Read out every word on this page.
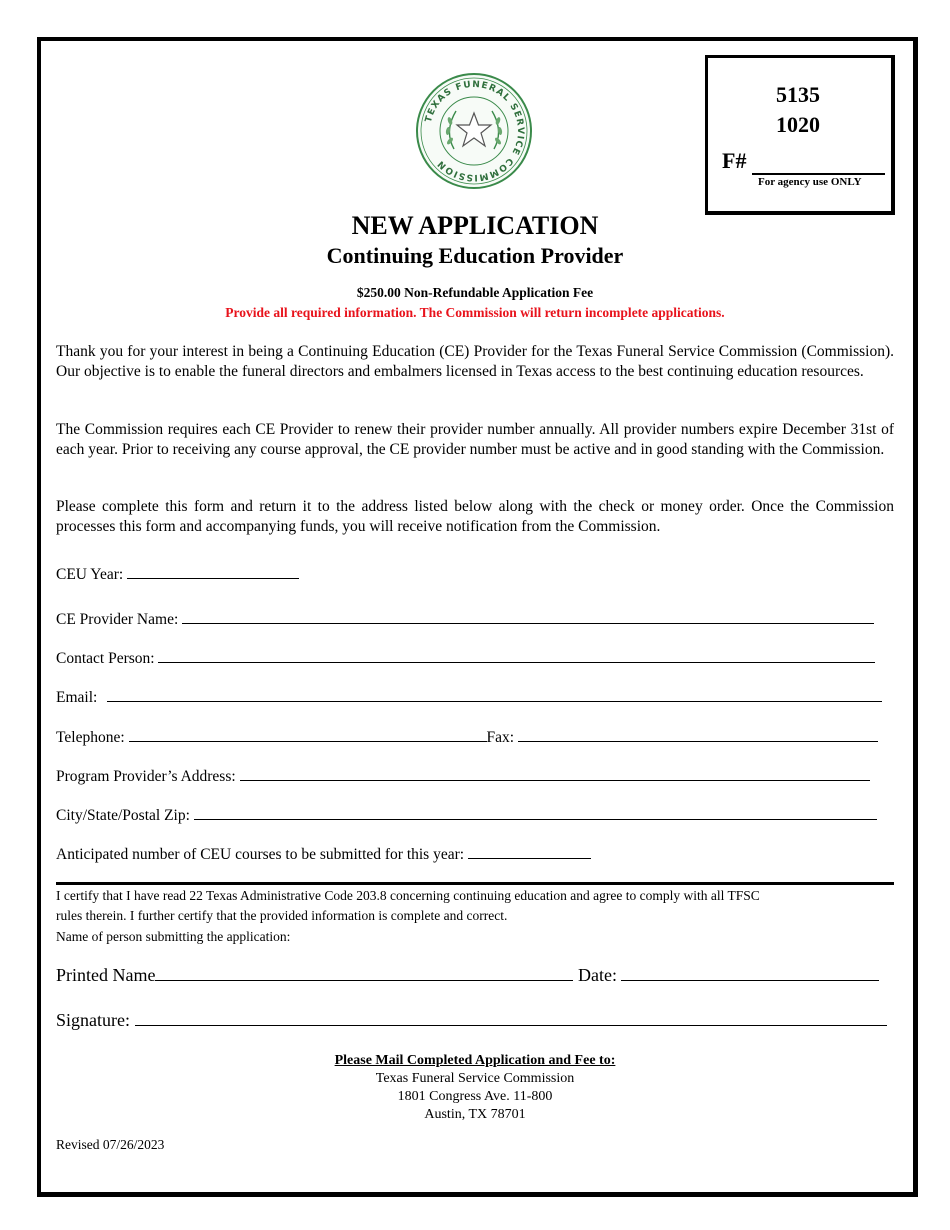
TEXAS FUNERAL SERVICE COMMISSION
5135
1020
F#
For agency use ONLY
NEW APPLICATION
Continuing Education Provider
$250.00 Non-Refundable Application Fee
Provide all required information. The Commission will return incomplete applications.
Thank you for your interest in being a Continuing Education (CE) Provider for the Texas Funeral Service Commission (Commission). Our objective is to enable the funeral directors and embalmers licensed in Texas access to the best continuing education resources.
The Commission requires each CE Provider to renew their provider number annually. All provider numbers expire December 31st of each year. Prior to receiving any course approval, the CE provider number must be active and in good standing with the Commission.
Please complete this form and return it to the address listed below along with the check or money order. Once the Commission processes this form and accompanying funds, you will receive notification from the Commission.
CEU Year:
CE Provider Name:
Contact Person:
Email:
Telephone:	Fax:
Program Provider’s Address:
City/State/Postal Zip:
Anticipated number of CEU courses to be submitted for this year:
I certify that I have read 22 Texas Administrative Code 203.8 concerning continuing education and agree to comply with all TFSC
rules therein. I further certify that the provided information is complete and correct.
Name of person submitting the application:
Printed Name	Date:
Signature:
Please Mail Completed Application and Fee to:
Texas Funeral Service Commission
1801 Congress Ave. 11-800
Austin, TX 78701
Revised 07/26/2023
